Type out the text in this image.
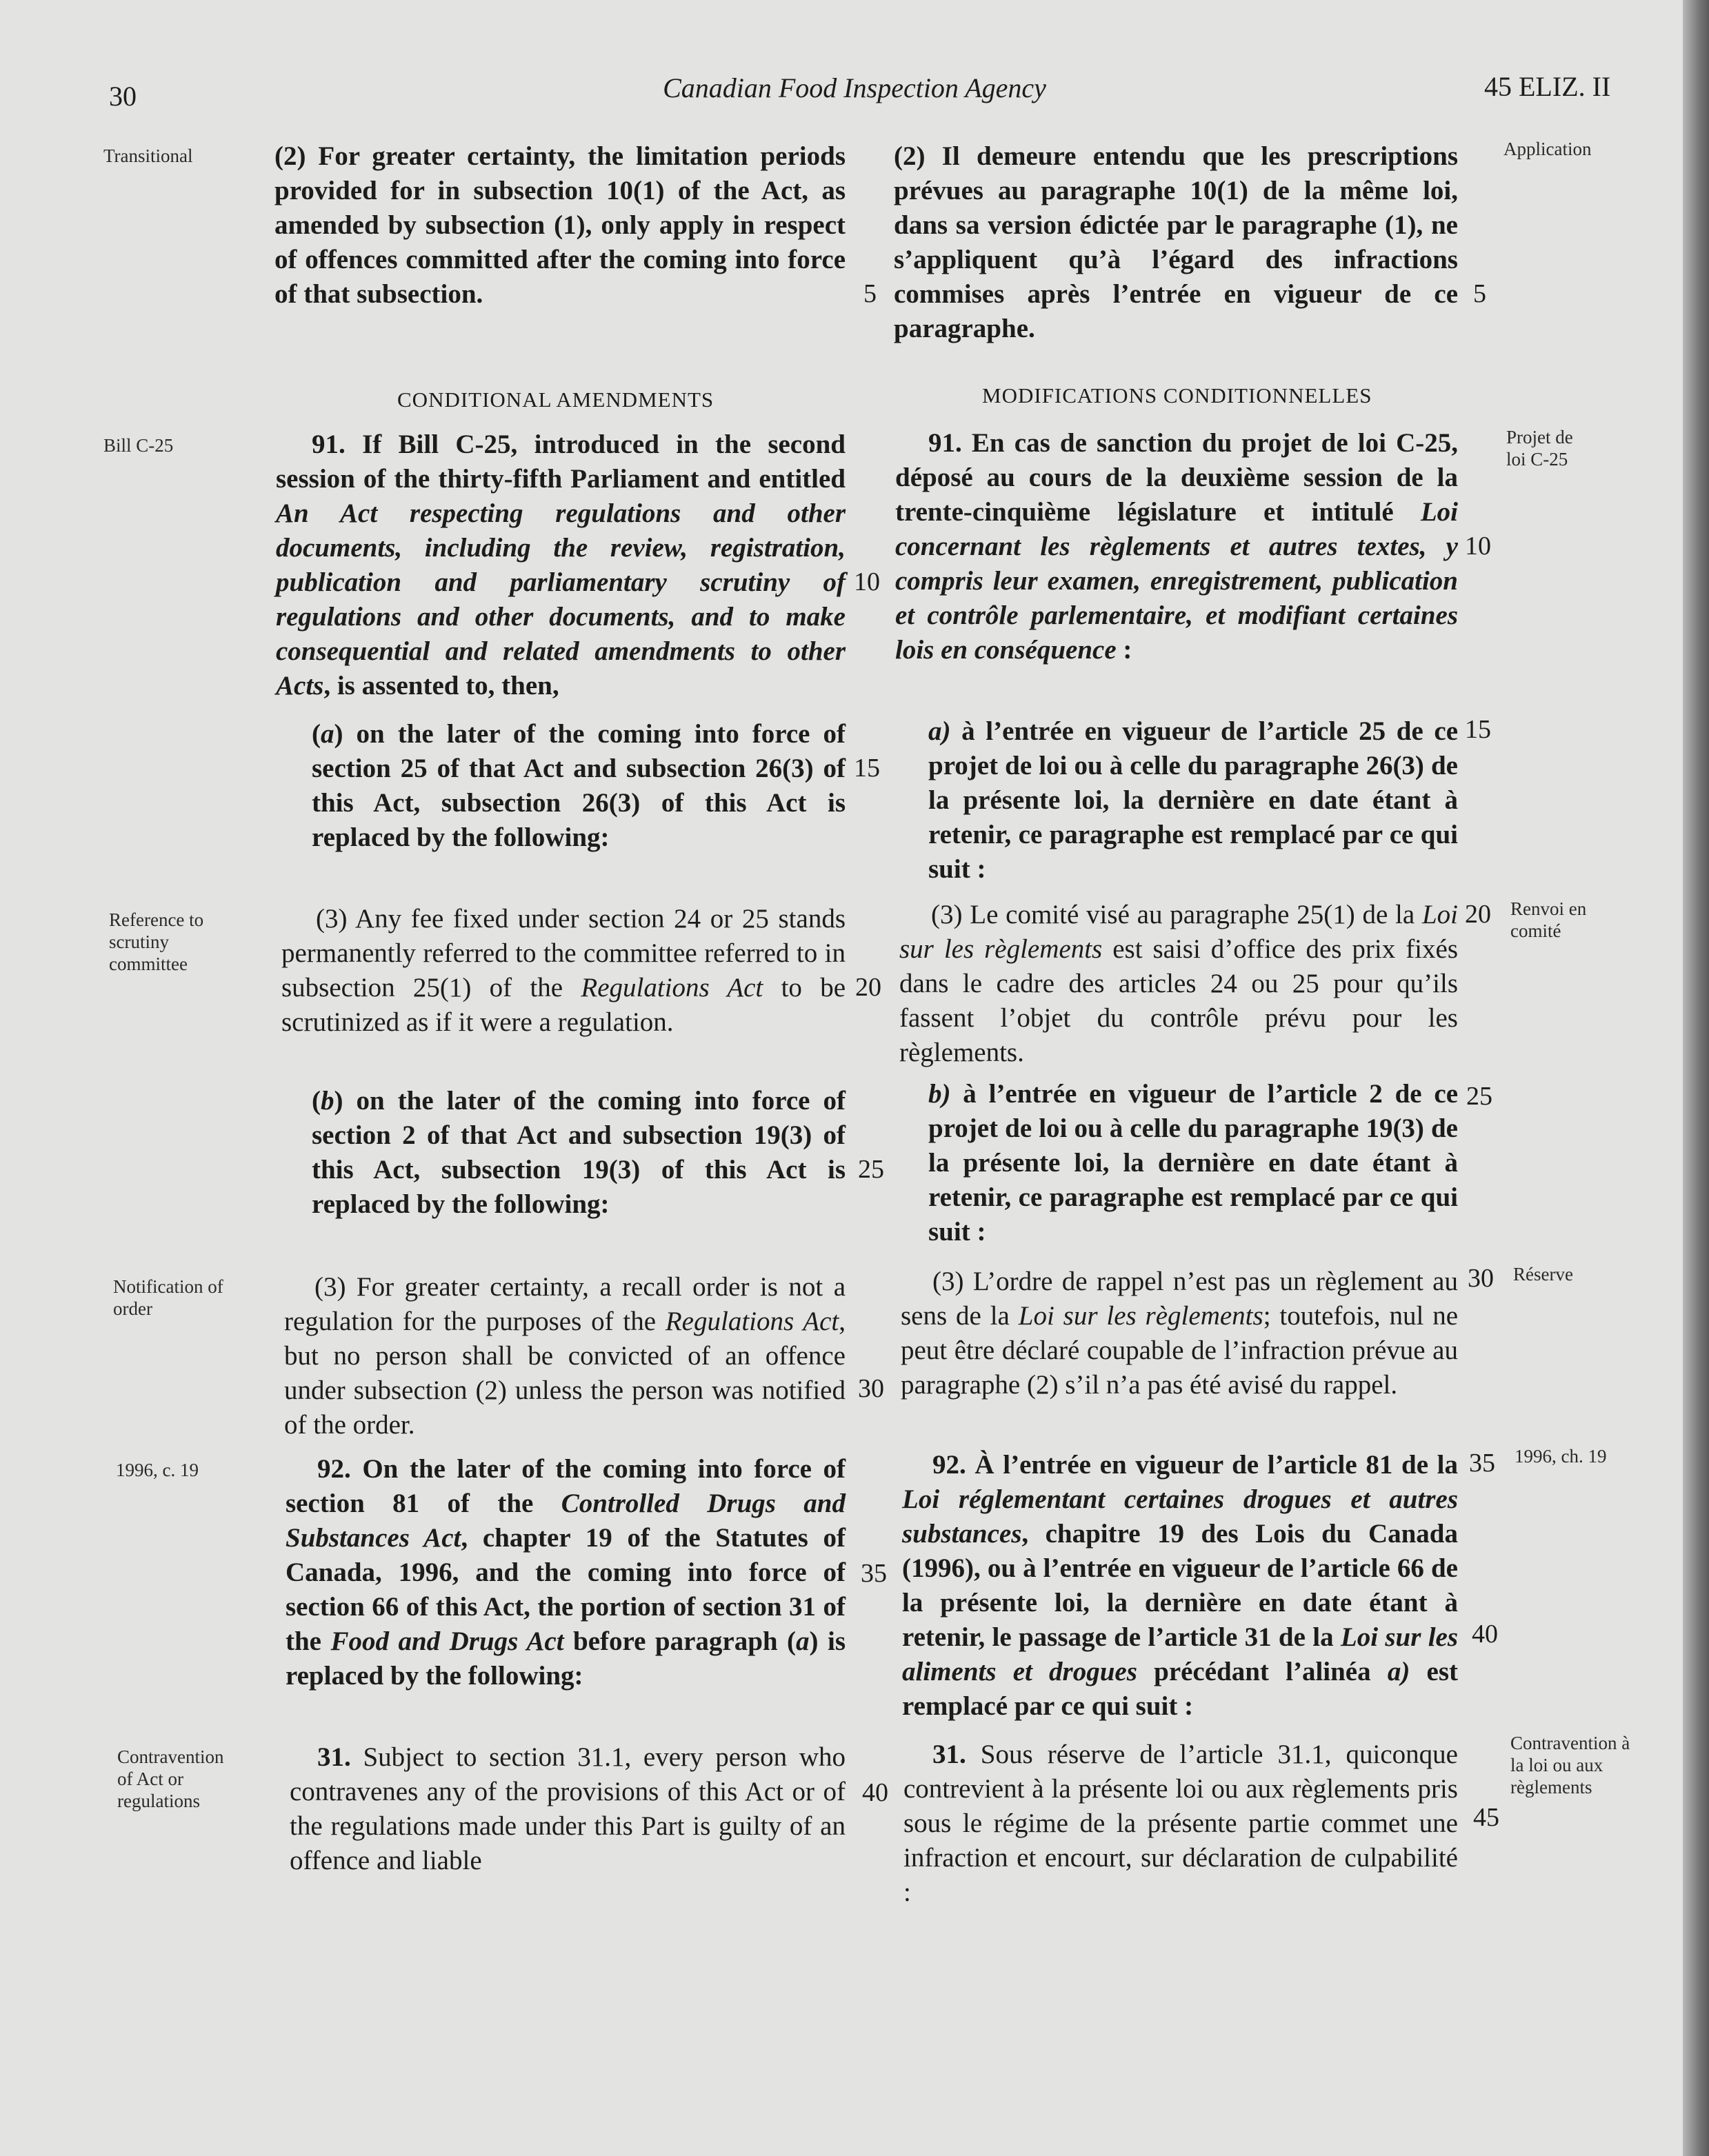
30	Canadian Food Inspection Agency	45 ELIZ. II
Transitional
Bill C-25
Reference to scrutiny committee
Notification of order
1996, c. 19
Contravention of Act or regulations
Application
Projet de loi C-25
Renvoi en comité
Réserve
1996, ch. 19
Contravention à la loi ou aux règlements
CONDITIONAL AMENDMENTS	MODIFICATIONS CONDITIONNELLES
(2) For greater certainty, the limitation periods provided for in subsection 10(1) of the Act, as amended by subsection (1), only apply in respect of offences committed after the coming into force of that subsection.
91. If Bill C-25, introduced in the second session of the thirty-fifth Parliament and entitled An Act respecting regulations and other documents, including the review, registration, publication and parliamentary scrutiny of regulations and other documents, and to make consequential and related amendments to other Acts, is assented to, then,
(a) on the later of the coming into force of section 25 of that Act and subsection 26(3) of this Act, subsection 26(3) of this Act is replaced by the following:
(3) Any fee fixed under section 24 or 25 stands permanently referred to the committee referred to in subsection 25(1) of the Regulations Act to be scrutinized as if it were a regulation.
(b) on the later of the coming into force of section 2 of that Act and subsection 19(3) of this Act, subsection 19(3) of this Act is replaced by the following:
(3) For greater certainty, a recall order is not a regulation for the purposes of the Regulations Act, but no person shall be convicted of an offence under subsection (2) unless the person was notified of the order.
92. On the later of the coming into force of section 81 of the Controlled Drugs and Substances Act, chapter 19 of the Statutes of Canada, 1996, and the coming into force of section 66 of this Act, the portion of section 31 of the Food and Drugs Act before paragraph (a) is replaced by the following:
31. Subject to section 31.1, every person who contravenes any of the provisions of this Act or of the regulations made under this Part is guilty of an offence and liable
(2) Il demeure entendu que les prescriptions prévues au paragraphe 10(1) de la même loi, dans sa version édictée par le paragraphe (1), ne s’appliquent qu’à l’égard des infractions commises après l’entrée en vigueur de ce paragraphe.
91. En cas de sanction du projet de loi C-25, déposé au cours de la deuxième session de la trente-cinquième législature et intitulé Loi concernant les règlements et autres textes, y compris leur examen, enregistrement, publication et contrôle parlementaire, et modifiant certaines lois en conséquence :
a) à l’entrée en vigueur de l’article 25 de ce projet de loi ou à celle du paragraphe 26(3) de la présente loi, la dernière en date étant à retenir, ce paragraphe est remplacé par ce qui suit :
(3) Le comité visé au paragraphe 25(1) de la Loi sur les règlements est saisi d’office des prix fixés dans le cadre des articles 24 ou 25 pour qu’ils fassent l’objet du contrôle prévu pour les règlements.
b) à l’entrée en vigueur de l’article 2 de ce projet de loi ou à celle du paragraphe 19(3) de la présente loi, la dernière en date étant à retenir, ce paragraphe est remplacé par ce qui suit :
(3) L’ordre de rappel n’est pas un règlement au sens de la Loi sur les règlements; toutefois, nul ne peut être déclaré coupable de l’infraction prévue au paragraphe (2) s’il n’a pas été avisé du rappel.
92. À l’entrée en vigueur de l’article 81 de la Loi réglementant certaines drogues et autres substances, chapitre 19 des Lois du Canada (1996), ou à l’entrée en vigueur de l’article 66 de la présente loi, la dernière en date étant à retenir, le passage de l’article 31 de la Loi sur les aliments et drogues précédant l’alinéa a) est remplacé par ce qui suit :
31. Sous réserve de l’article 31.1, quiconque contrevient à la présente loi ou aux règlements pris sous le régime de la présente partie commet une infraction et encourt, sur déclaration de culpabilité :
5
10
15
20
25
30
35
40
5
10
15
20
25
30
35
40
45
